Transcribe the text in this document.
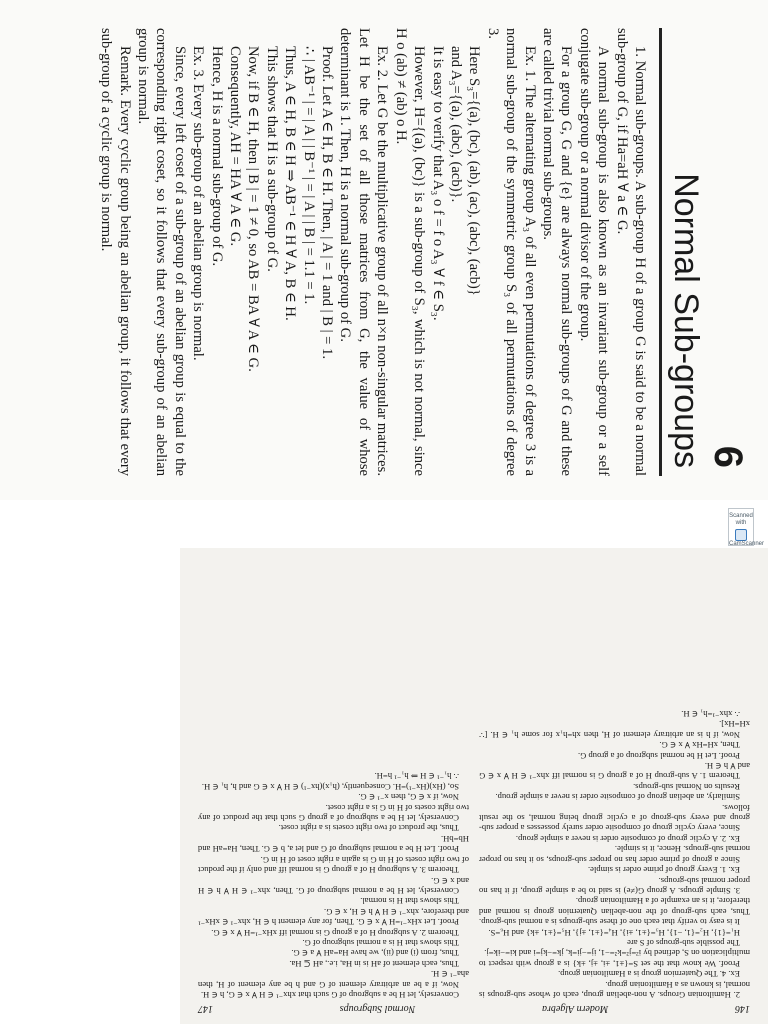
6
Normal Sub-groups

1. Normal sub-groups. A sub-group H of a group G is said to be a normal sub-group of G, if Ha=aH ∀ a ∈ G.

A normal sub-group is also known as an invariant sub-group or a self conjugate sub-group or a normal divisor of the group.

For a group G, G and {e} are always normal sub-groups of G and these are called trivial normal sub-groups.

Ex. 1. The alternating group A₃ of all even permutations of degree 3 is a normal sub-group of the symmetric group S₃ of all permutations of degree 3.

Here S₃={(a), (bc), (ab), (ac), (abc), (acb)}

and A₃={(a), (abc), (acb)}.

It is easy to verify that A₃ o f = f o A₃ ∀ f ∈ S₃.

However, H={(a), (bc)} is a sub-group of S₃, which is not normal, since H o (ab) ≠ (ab) o H.

Ex. 2. Let G be the multiplicative group of all n×n non-singular matrices. Let H be the set of all those matrices from G, the value of whose determinant is 1. Then, H is a normal sub-group of G.

Proof. Let A ∈ H, B ∈ H. Then, | A | = 1 and | B | = 1.

∴ | AB⁻¹ | = | A | | B⁻¹ | = | A | | B | = 1.1 = 1.

Thus, A ∈ H, B ∈ H ⇒ AB⁻¹ ∈ H ∀ A, B ∈ H.

This shows that H is a sub-group of G.

Now, if B ∈ H, then | B | = 1 ≠ 0, so AB = BA ∀ A ∈ G.

Consequently, AH = HA ∀ A ∈ G.

Hence, H is a normal sub-group of G.

Ex. 3. Every sub-group of an abelian group is normal.

Since, every left coset of a sub-group of an abelian group is equal to the corresponding right coset, so it follows that every sub-group of an abelian group is normal.

Remark. Every cyclic group being an abelian group, it follows that every sub-group of a cyclic group is normal.

Scanned with
CamScanner
146
Modern Algebra
Normal Subgroups
147

2. Hamiltonian Groups. A non-abelian group, each of whose sub-groups is normal, is known as a Hamiltonian group.

Ex. 4. The Quaternion group is a Hamiltonian group.

Proof. We know that the set S={±1, ±i, ±j, ±k} is a group with respect to multiplication on S, defined by i²=j²=k²=−1, ij=−ji=k, jk=−kj=i and ki=−ik=j.

The possible sub-groups of S are

H₁={1}, H₂={1, −1}, H₃={±1, ±i}, H₄={±1, ±j}, H₅={±1, ±k} and H₆=S.

It is easy to verify that each one of these sub-groups is a normal sub-group. Thus, each sub-group of the non-abelian Quaternion group is normal and therefore, it is an example of a Hamiltonian group.

3. Simple groups. A group G(≠e) is said to be a simple group, if it has no proper normal sub-groups.

Ex. 1. Every group of prime order is simple.

Since a group of prime order has no proper sub-groups, so it has no proper normal sub-groups. Hence, it is simple.

Ex. 2. A cyclic group of composite order is never a simple group.

Since, every cyclic group of composite order surely possesses a proper sub-group and every sub-group of a cyclic group being normal, so the result follows.

Similarly, an abelian group of composite order is never a simple group.

Results on Normal sub-groups.

Theorem 1. A sub-group H of a group G is normal iff xhx⁻¹ ∈ H ∀ x ∈ G and ∀ h ∈ H.

Proof. Let H be normal subgroup of a group G.

Then, xH=Hx ∀ x ∈ G.

Now, if h is an arbitrary element of H, then xh=h₁x for some h₁ ∈ H. [∵ xH=Hx].

∴ xhx⁻¹=h₁ ∈ H.

Conversely, let H be a subgroup of G such that xhx⁻¹ ∈ H ∀ x ∈ G, h ∈ H.

Now, if a be an arbitrary element of G and h be any element of H, then aha⁻¹ ∈ H.

Thus, each element of aH is in Ha, i.e., aH ⊆ Ha.

Thus, from (i) and (ii), we have Ha=aH ∀ a ∈ G.

This shows that H is a normal subgroup of G.

Theorem 2. A subgroup H of a group G is normal iff xHx⁻¹=H ∀ x ∈ G.

Proof. Let xHx⁻¹=H ∀ x ∈ G. Then, for any element h ∈ H, xhx⁻¹ ∈ xHx⁻¹ and therefore, xhx⁻¹ ∈ H ∀ h ∈ H, x ∈ G.

This shows that H is normal.

Conversely, let H be a normal subgroup of G. Then, xhx⁻¹ ∈ H ∀ h ∈ H and x ∈ G.

Theorem 3. A subgroup H of a group G is normal iff and only if the product of two right cosets of H in G is again a right coset of H in G.

Proof. Let H be a normal subgroup of G and let a, b ∈ G. Then, Ha=aH and Hb=bH.

Thus, the product of two right cosets is a right coset.

Conversely, let H be a subgroup of a group G such that the product of any two right cosets of H in G is a right coset.

Now, if x ∈ G, then x⁻¹ ∈ G.

So, (Hx)(Hx⁻¹)=H. Consequently, (h₁x)(hx⁻¹) ∈ H ∀ x ∈ G and h, h₁ ∈ H.

∴ h₁⁻¹ ∈ H ⇒ h₁⁻¹ h=H.
